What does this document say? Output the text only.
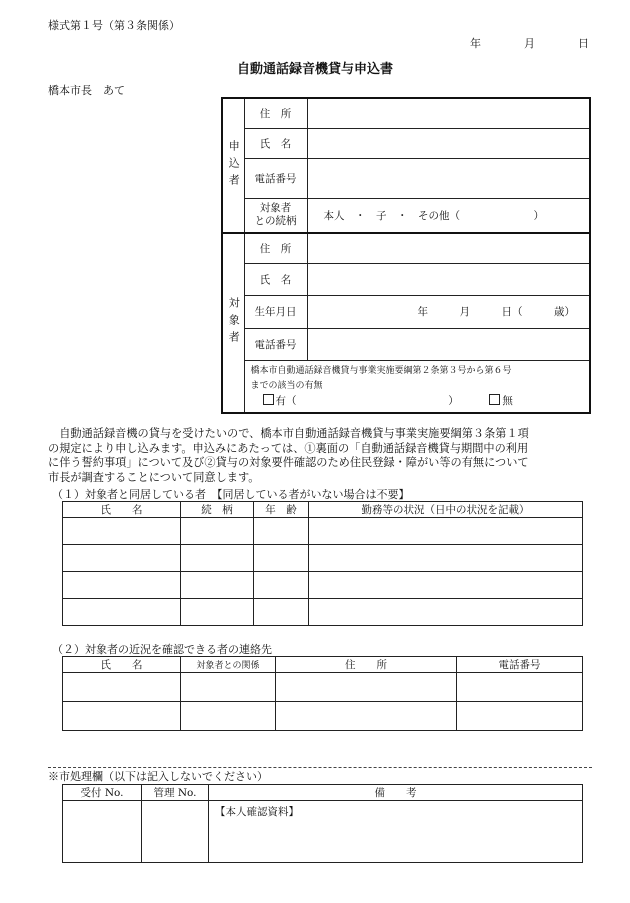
様式第１号（第３条関係）
年	月	日
自動通話録音機貸与申込書
橋本市長　あて
申込者	住　所	
	氏　名	
	電話番号	

	対象者
との続柄	本人　・　子　・　その他（　　　　　　　）
対象者	住　所	
	氏　名	
	生年月日	年　　　月　　　日（　　　歳）
	電話番号	

	橋本市自動通話録音機貸与事業実施要綱第２条第３号から第６号
までの該当の有無
有（ ） 無	

　自動通話録音機の貸与を受けたいので、橋本市自動通話録音機貸与事業実施要綱第３条第１項

の規定により申し込みます。申込みにあたっては、①裏面の「自動通話録音機貸与期間中の利用

に伴う誓約事項」について及び②貸与の対象要件確認のため住民登録・障がい等の有無について

市長が調査することについて同意します。

（１）対象者と同居している者　【同居している者がいない場合は不要】
氏　　名	続　柄	年　齢	勤務等の状況（日中の状況を記載）

（２）対象者の近況を確認できる者の連絡先
氏　　名	対象者との関係	住　　所	電話番号

※市処理欄（以下は記入しないでください）
受付 No.	管理 No.	備　　考
		【本人確認資料】
